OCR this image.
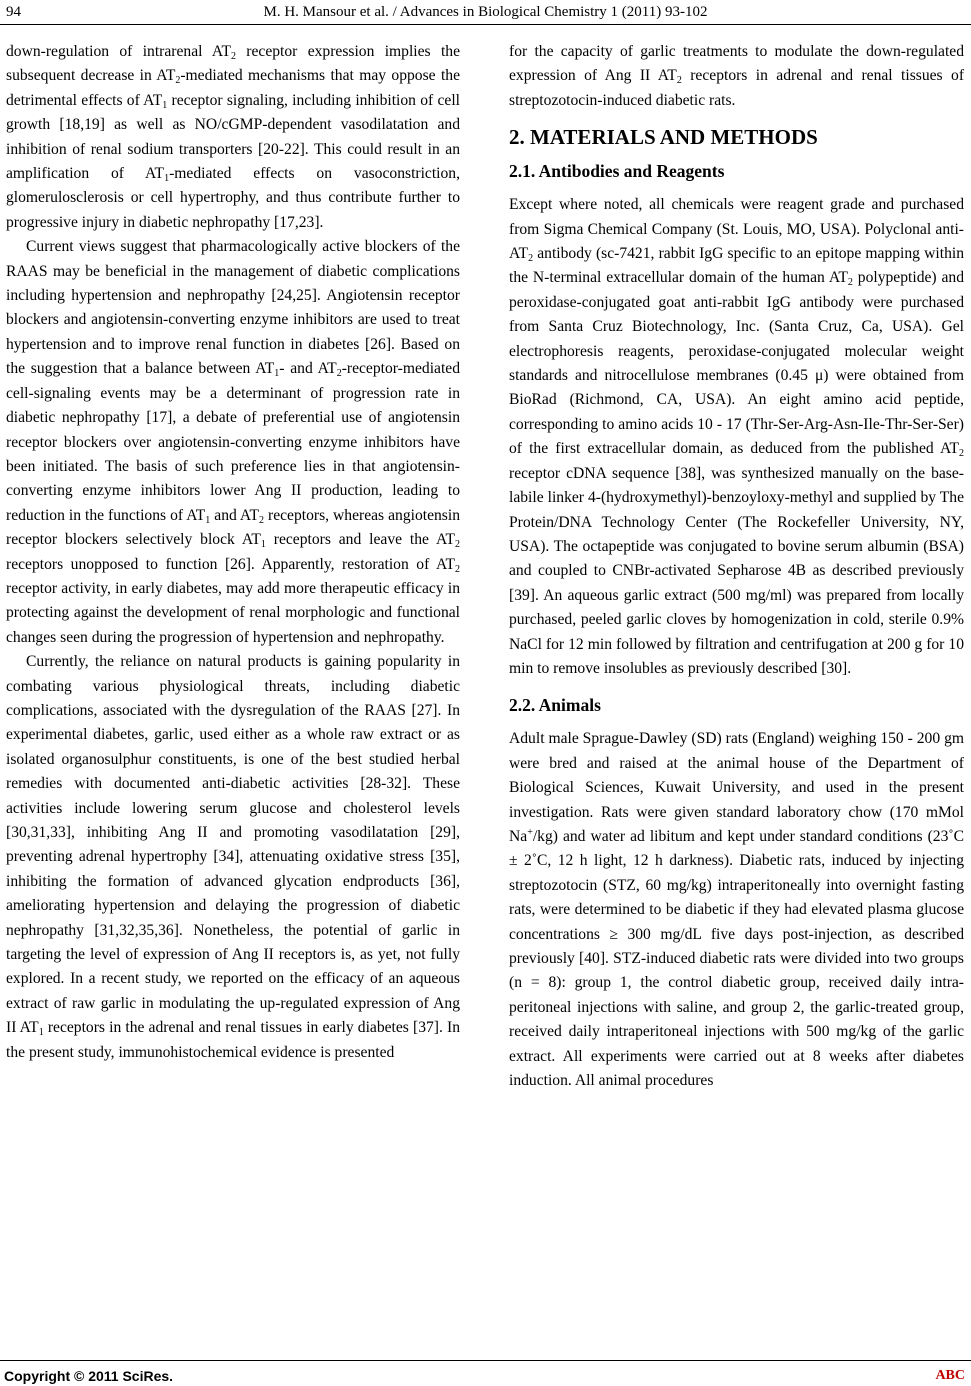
94	M. H. Mansour et al. / Advances in Biological Chemistry 1 (2011) 93-102

down-regulation of intrarenal $AT_2$ receptor expression implies the subsequent decrease in $AT_2$-mediated mechanisms that may oppose the detrimental effects of $AT_1$ receptor signaling, including inhibition of cell growth [18,19] as well as NO/cGMP-dependent vasodilatation and inhibition of renal sodium transporters [20-22]. This could result in an amplification of $AT_1$-mediated effects on vasoconstriction, glomerulosclerosis or cell hypertrophy, and thus contribute further to progressive injury in diabetic nephropathy [17,23].

Current views suggest that pharmacologically active blockers of the RAAS may be beneficial in the management of diabetic complications including hypertension and nephropathy [24,25]. Angiotensin receptor blockers and angiotensin-converting enzyme inhibitors are used to treat hypertension and to improve renal function in diabetes [26]. Based on the suggestion that a balance between $AT_1-$ and $AT_2-receptor$-mediated cell-signaling events may be a determinant of progression rate in diabetic nephropathy [17], a debate of preferential use of angiotensin receptor blockers over angiotensin-converting enzyme inhibitors have been initiated. The basis of such preference lies in that angiotensin-converting enzyme inhibitors lower Ang II production, leading to reduction in the functions of $AT_1$ and $AT_2$ receptors, whereas angiotensin receptor blockers selectively block $AT_1$ receptors and leave the $AT_2$ receptors unopposed to function [26]. Apparently, restoration of $AT_2$ receptor activity, in early diabetes, may add more therapeutic efficacy in protecting against the development of renal morphologic and functional changes seen during the progression of hypertension and nephropathy.

Currently, the reliance on natural products is gaining popularity in combating various physiological threats, including diabetic complications, associated with the dysregulation of the RAAS [27]. In experimental diabetes, garlic, used either as a whole raw extract or as isolated organosulphur constituents, is one of the best studied herbal remedies with documented anti-diabetic activities [28-32]. These activities include lowering serum glucose and cholesterol levels [30,31,33], inhibiting Ang II and promoting vasodilatation [29], preventing adrenal hypertrophy [34], attenuating oxidative stress [35], inhibiting the formation of advanced glycation endproducts [36], ameliorating hypertension and delaying the progression of diabetic nephropathy [31,32,35,36]. Nonetheless, the potential of garlic in targeting the level of expression of Ang II receptors is, as yet, not fully explored. In a recent study, we reported on the efficacy of an aqueous extract of raw garlic in modulating the up-regulated expression of Ang II $AT_1$ receptors in the adrenal and renal tissues in early diabetes [37]. In the present study, immunohistochemical evidence is presented

for the capacity of garlic treatments to modulate the down-regulated expression of Ang II $AT_2$ receptors in adrenal and renal tissues of streptozotocin-induced diabetic rats.

2. MATERIALS AND METHODS
2.1. Antibodies and Reagents

Except where noted, all chemicals were reagent grade and purchased from Sigma Chemical Company (St. Louis, MO, USA). Polyclonal anti-$AT_2$ antibody (sc-7421, rabbit IgG specific to an epitope mapping within the N-terminal extracellular domain of the human $AT_2$ polypeptide) and peroxidase-conjugated goat anti-rabbit IgG antibody were purchased from Santa Cruz Biotechnology, Inc. (Santa Cruz, Ca, USA). Gel electrophoresis reagents, peroxidase-conjugated molecular weight standards and nitrocellulose membranes (0.45 μ) were obtained from BioRad (Richmond, CA, USA). An eight amino acid peptide, corresponding to amino acids 10 - 17 (Thr-Ser-Arg-Asn-Ile-Thr-Ser-Ser) of the first extracellular domain, as deduced from the published $AT_2$ receptor cDNA sequence [38], was synthesized manually on the base-labile linker 4-(hydroxymethyl)-benzoyloxy-methyl and supplied by The Protein/DNA Technology Center (The Rockefeller University, NY, USA). The octapeptide was conjugated to bovine serum albumin (BSA) and coupled to CNBr-activated Sepharose 4B as described previously [39]. An aqueous garlic extract (500 mg/ml) was prepared from locally purchased, peeled garlic cloves by homogenization in cold, sterile 0.9% NaCl for 12 min followed by filtration and centrifugation at 200 g for 10 min to remove insolubles as previously described [30].

2.2. Animals

Adult male Sprague-Dawley (SD) rats (England) weighing 150 - 200 gm were bred and raised at the animal house of the Department of Biological Sciences, Kuwait University, and used in the present investigation. Rats were given standard laboratory chow (170 mMol Na+/kg) and water ad libitum and kept under standard conditions (23˚C ± 2˚C, 12 h light, 12 h darkness). Diabetic rats, induced by injecting streptozotocin (STZ, 60 mg/kg) intraperitoneally into overnight fasting rats, were determined to be diabetic if they had elevated plasma glucose concentrations ≥ 300 mg/dL five days post-injection, as described previously [40]. STZ-induced diabetic rats were divided into two groups (n = 8): group 1, the control diabetic group, received daily intra-peritoneal injections with saline, and group 2, the garlic-treated group, received daily intraperitoneal injections with 500 mg/kg of the garlic extract. All experiments were carried out at 8 weeks after diabetes induction. All animal procedures

Copyright © 2011 SciRes.	ABC
